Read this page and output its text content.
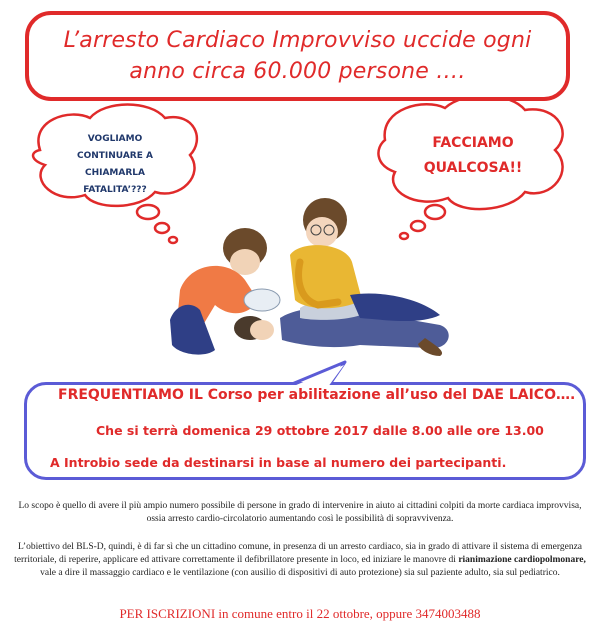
L’arresto Cardiaco Improvviso uccide ogni
anno circa 60.000 persone ….
VOGLIAMO
CONTINUARE A
CHIAMARLA
FATALITA’???
FACCIAMO
QUALCOSA!!
FREQUENTIAMO IL Corso per abilitazione all’uso del DAE LAICO….
Che si terrà domenica 29 ottobre 2017 dalle 8.00 alle ore 13.00
A Introbio sede da destinarsi in base al numero dei partecipanti.
Lo scopo è quello di avere il più ampio numero possibile di persone in grado di intervenire in aiuto ai cittadini colpiti da morte cardiaca improvvisa, ossia arresto cardio-circolatorio aumentando così le possibilità di sopravvivenza.
L’obiettivo del BLS-D, quindi, è di far sì che un cittadino comune, in presenza di un arresto cardiaco, sia in grado di attivare il sistema di emergenza territoriale, di reperire, applicare ed attivare correttamente il defibrillatore presente in loco, ed iniziare le manovre di rianimazione cardiopolmonare, vale a dire il massaggio cardiaco e le ventilazione (con ausilio di dispositivi di auto protezione) sia sul paziente adulto, sia sul pediatrico.
PER ISCRIZIONI in comune entro il 22 ottobre, oppure 3474003488
